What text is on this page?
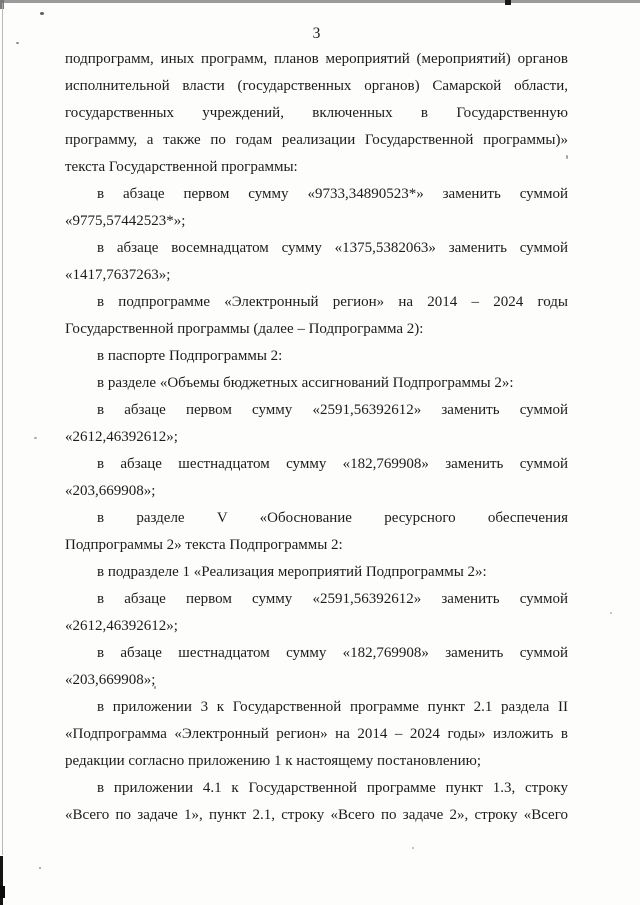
3
подпрограмм, иных программ, планов мероприятий (мероприятий) органов
исполнительной власти (государственных органов) Самарской области,
государственных учреждений, включенных в Государственную
программу, а также по годам реализации Государственной программы)»
текста Государственной программы:
в абзаце первом сумму «9733,34890523*» заменить суммой
«9775,57442523*»;
в абзаце восемнадцатом сумму «1375,5382063» заменить суммой
«1417,7637263»;
в подпрограмме «Электронный регион» на 2014 – 2024 годы
Государственной программы (далее – Подпрограмма 2):
в паспорте Подпрограммы 2:
в разделе «Объемы бюджетных ассигнований Подпрограммы 2»:
в абзаце первом сумму «2591,56392612» заменить суммой
«2612,46392612»;
в абзаце шестнадцатом сумму «182,769908» заменить суммой
«203,669908»;
в разделе V «Обоснование ресурсного обеспечения
Подпрограммы 2» текста Подпрограммы 2:
в подразделе 1 «Реализация мероприятий Подпрограммы 2»:
в абзаце первом сумму «2591,56392612» заменить суммой
«2612,46392612»;
в абзаце шестнадцатом сумму «182,769908» заменить суммой
«203,669908»;
в приложении 3 к Государственной программе пункт 2.1 раздела II
«Подпрограмма «Электронный регион» на 2014 – 2024 годы» изложить в
редакции согласно приложению 1 к настоящему постановлению;
в приложении 4.1 к Государственной программе пункт 1.3, строку
«Всего по задаче 1», пункт 2.1, строку «Всего по задаче 2», строку «Всего
